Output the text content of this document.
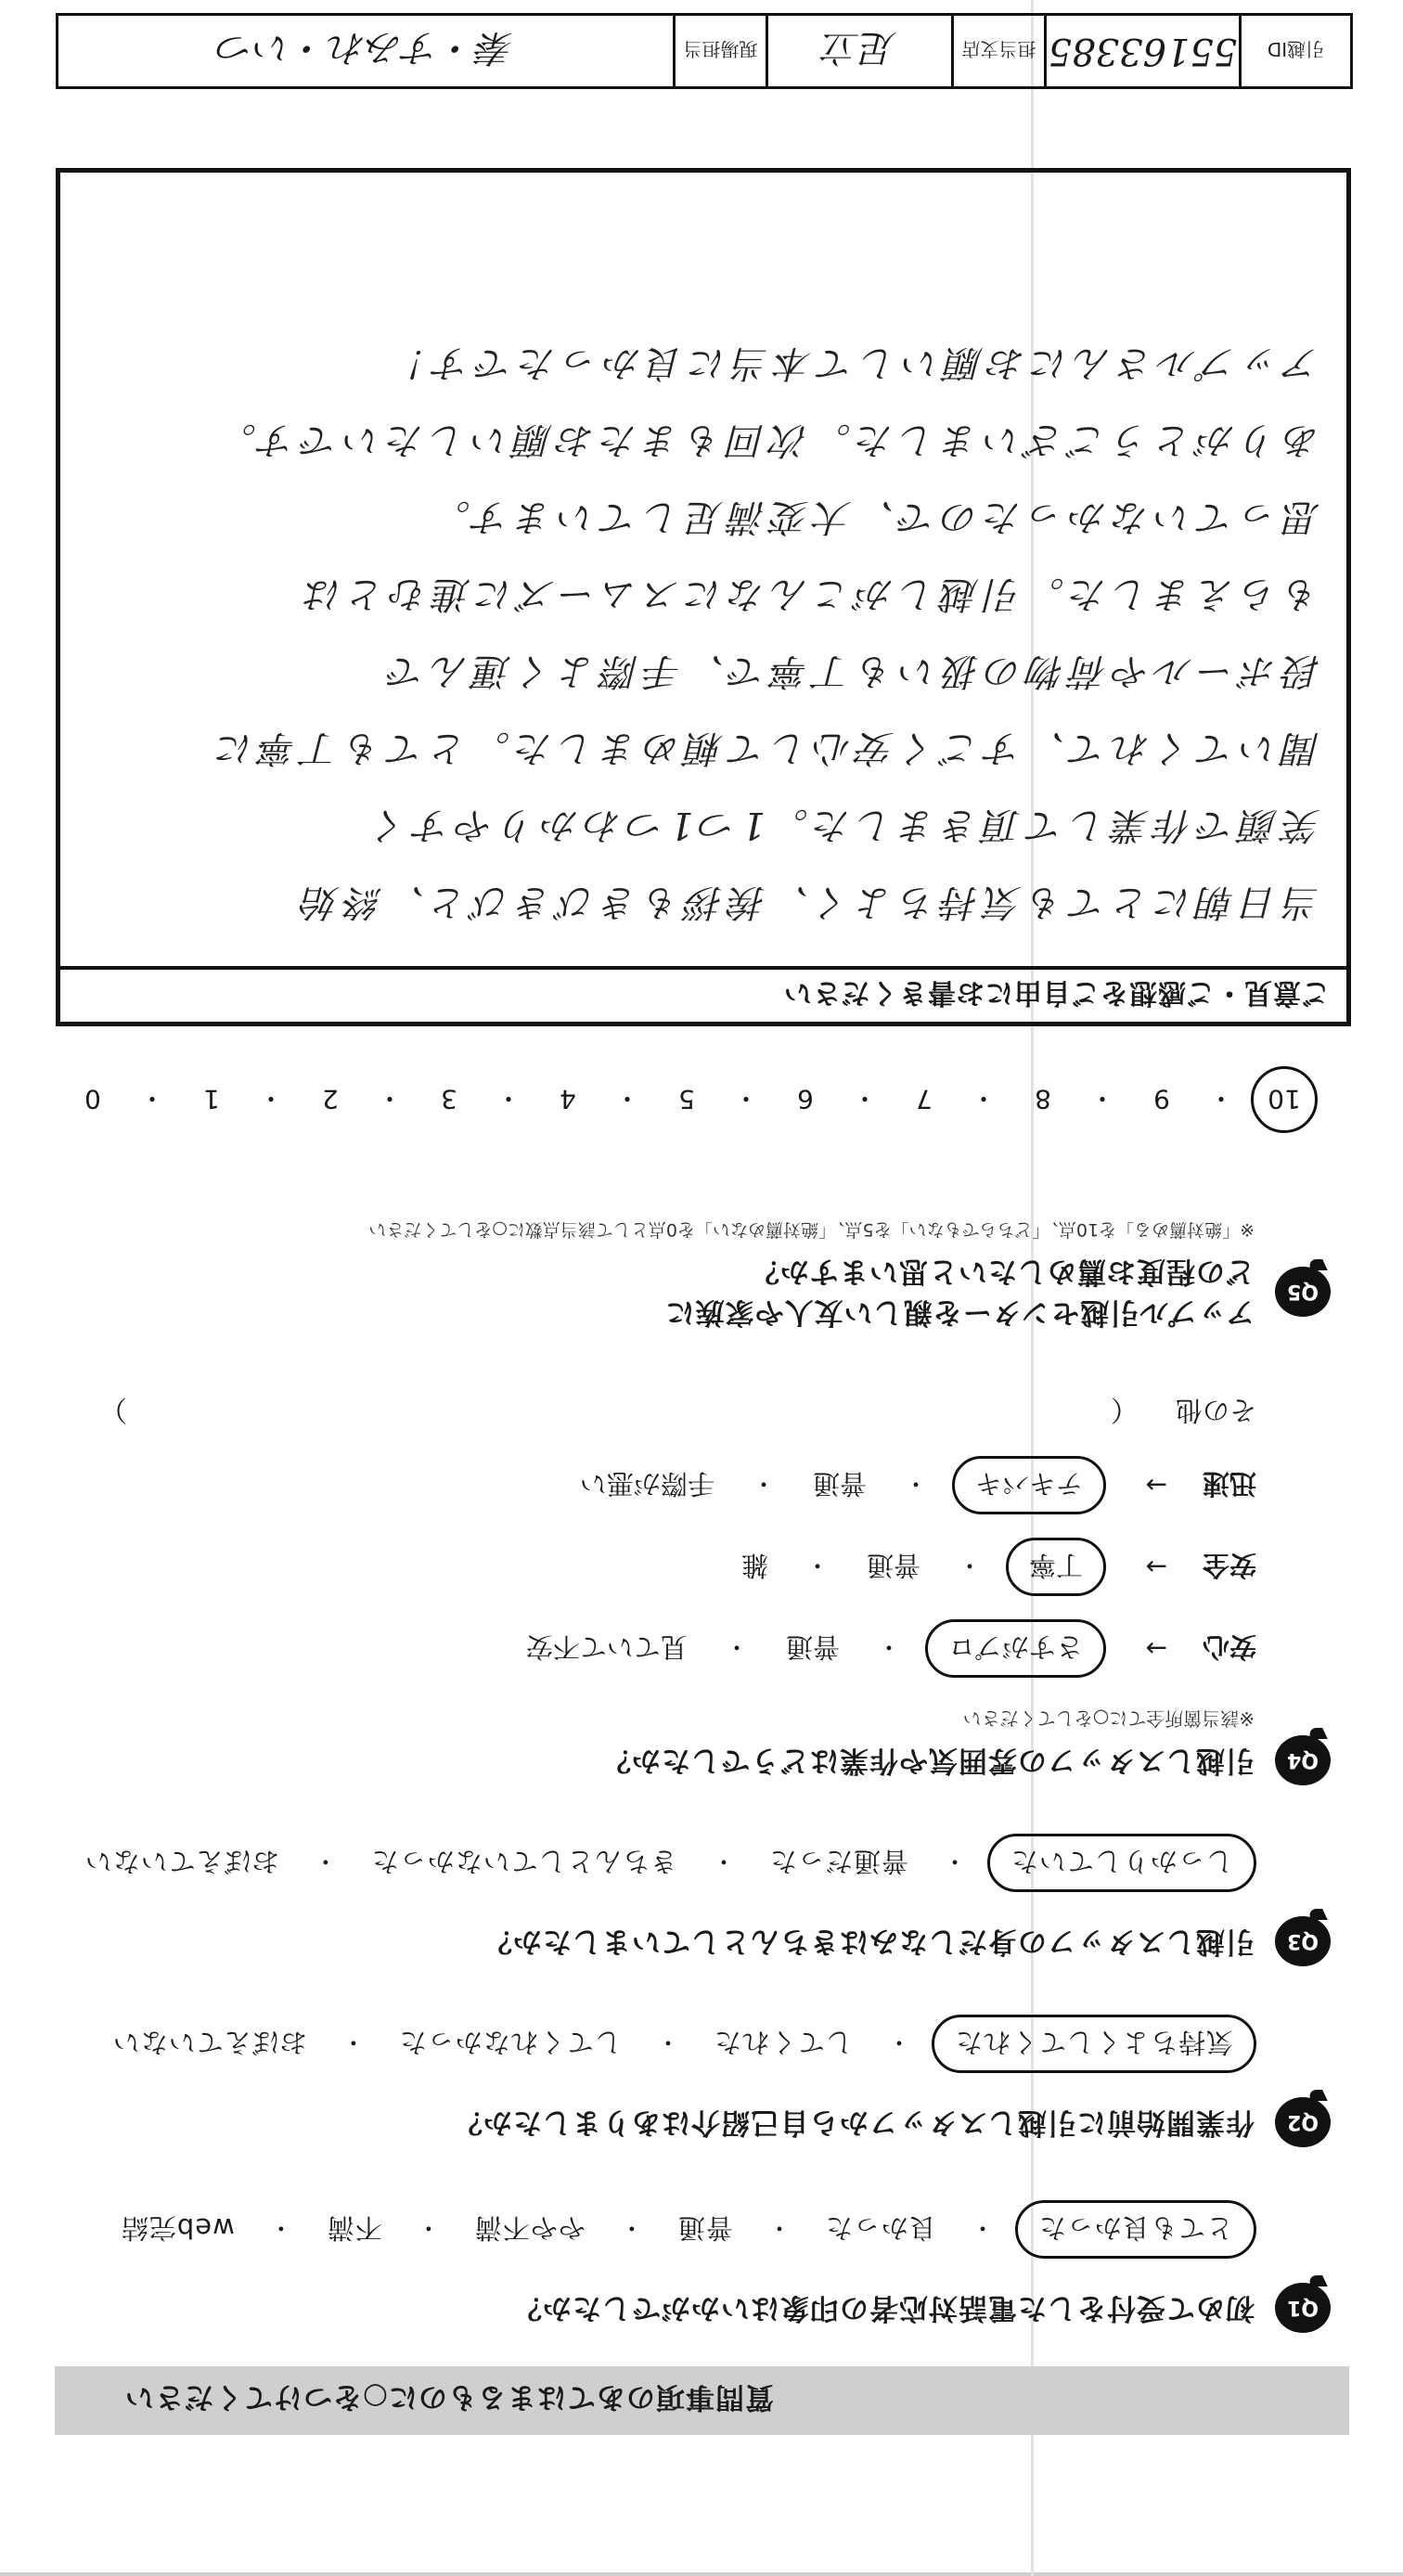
質問事項のあてはまるものに○をつけてください
Q1
初めて受付をした電話対応者の印象はいかがでしたか？
とても良かった
・
良かった
・
普通
・
やや不満
・
不満
・
web完結
Q2
作業開始前に引越しスタッフから自己紹介はありましたか？
気持ちよくしてくれた
・
してくれた
・
してくれなかった
・
おぼえていない
Q3
引越しスタッフの身だしなみはきちんとしていましたか？
しっかりしていた
・
普通だった
・
きちんとしていなかった
・
おぼえていない
Q4
引越しスタッフの雰囲気や作業はどうでしたか？
※該当箇所全てに○をしてください
安心
→
さすがプロ
・
普通
・
見ていて不安
安全
→
丁寧
・
普通
・
雑
迅速
→
テキパキ
・
普通
・
手際が悪い
その他
（
）
Q5
アップル引越センターを親しい友人や家族に
どの程度お薦めしたいと思いますか？
※「絶対薦める」を10点、「どちらでもない」を5点、「絶対薦めない」を0点として該当点数に○をしてください
10
・
9
・
8
・
7
・
6
・
5
・
4
・
3
・
2
・
1
・
0
ご意見・ご感想をご自由にお書きください
当日朝にとても気持ちよく、挨拶もきびきびと、終始
笑顔で作業して頂きました。1つ1つわかりやすく
聞いてくれて、すごく安心して頼めました。とても丁寧に
段ボールや荷物の扱いも丁寧で、手際よく運んで
もらえました。引越しがこんなにスムーズに進むとは
思っていなかったので、大変満足しています。
ありがとうございました。次回もまたお願いしたいです。
アップルさんにお願いして本当に良かったです！
引越ID
55163385
担当支店
足立
現場担当
秦・すみれ・いつ
